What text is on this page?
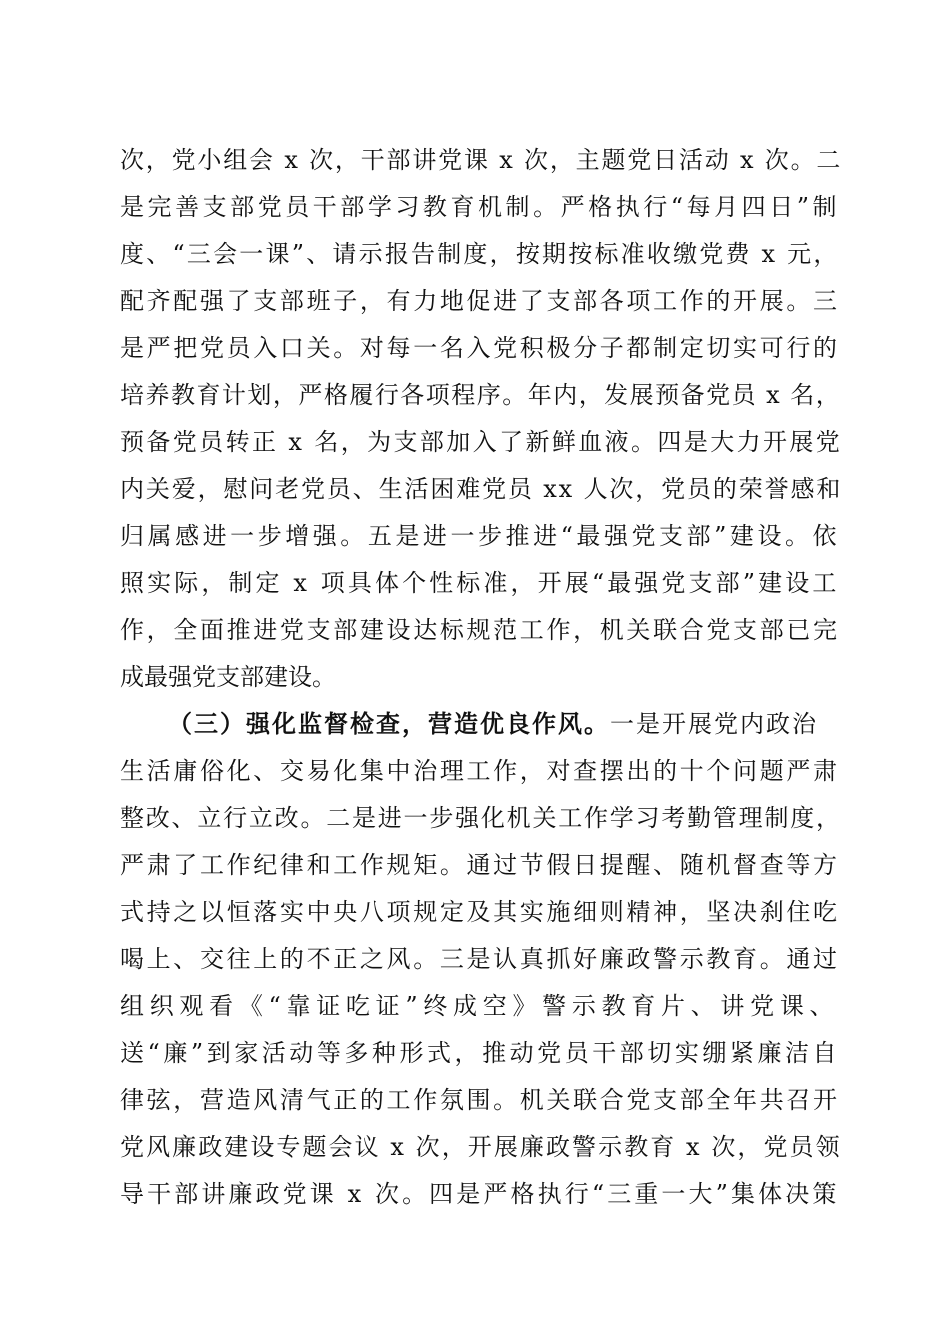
次，党小组会 x 次，干部讲党课 x 次，主题党日活动 x 次。二
是完善支部党员干部学习教育机制。严格执行“每月四日”制
度、“三会一课”、请示报告制度，按期按标准收缴党费 x 元，
配齐配强了支部班子，有力地促进了支部各项工作的开展。三
是严把党员入口关。对每一名入党积极分子都制定切实可行的
培养教育计划，严格履行各项程序。年内，发展预备党员 x 名，
预备党员转正 x 名，为支部加入了新鲜血液。四是大力开展党
内关爱，慰问老党员、生活困难党员 xx 人次，党员的荣誉感和
归属感进一步增强。五是进一步推进“最强党支部”建设。依
照实际，制定 x 项具体个性标准，开展“最强党支部”建设工
作，全面推进党支部建设达标规范工作，机关联合党支部已完
成最强党支部建设。
（三）强化监督检查，营造优良作风。一是开展党内政治
生活庸俗化、交易化集中治理工作，对查摆出的十个问题严肃
整改、立行立改。二是进一步强化机关工作学习考勤管理制度，
严肃了工作纪律和工作规矩。通过节假日提醒、随机督查等方
式持之以恒落实中央八项规定及其实施细则精神，坚决刹住吃
喝上、交往上的不正之风。三是认真抓好廉政警示教育。通过
组织观看《“靠证吃证”终成空》警示教育片、讲党课、
送“廉”到家活动等多种形式，推动党员干部切实绷紧廉洁自
律弦，营造风清气正的工作氛围。机关联合党支部全年共召开
党风廉政建设专题会议 x 次，开展廉政警示教育 x 次，党员领
导干部讲廉政党课 x 次。四是严格执行“三重一大”集体决策
